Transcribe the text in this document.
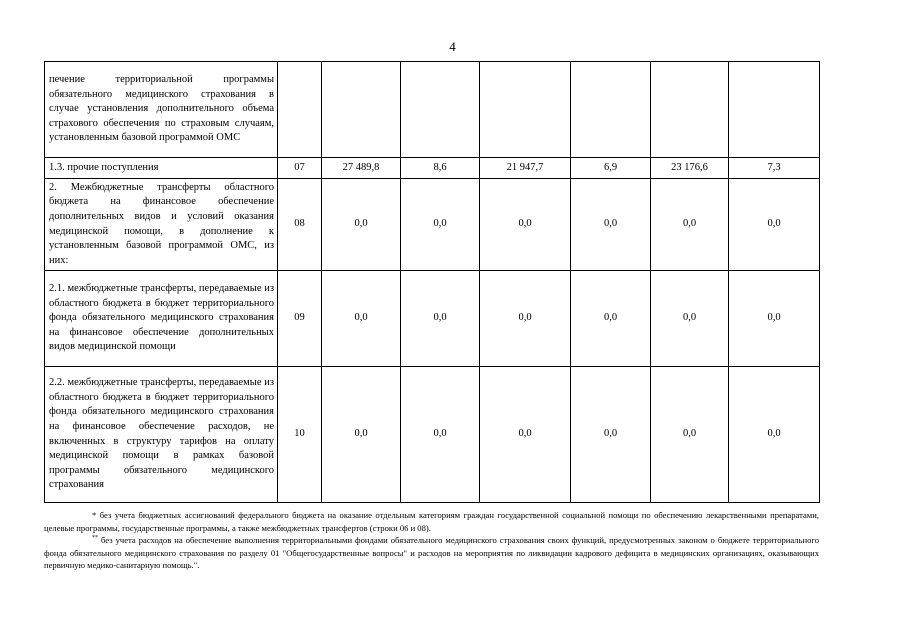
4
печение территориальной программы обязательного медицинского страхования в случае установления дополнительного объема страхового обеспечения по страховым случаям, установленным базовой программой ОМС							
1.3. прочие поступления	07	27 489,8	8,6	21 947,7	6,9	23 176,6	7,3
2. Межбюджетные трансферты областного бюджета на финансовое обеспечение дополнительных видов и условий оказания медицинской помощи, в дополнение к установленным базовой программой ОМС, из них:	08	0,0	0,0	0,0	0,0	0,0	0,0
2.1. межбюджетные трансферты, передаваемые из областного бюджета в бюджет территориального фонда обязательного медицинского страхования на финансовое обеспечение дополнительных видов медицинской помощи	09	0,0	0,0	0,0	0,0	0,0	0,0
2.2. межбюджетные трансферты, передаваемые из областного бюджета в бюджет территориального фонда обязательного медицинского страхования на финансовое обеспечение расходов, не включенных в структуру тарифов на оплату медицинской помощи в рамках базовой программы обязательного медицинского страхования	10	0,0	0,0	0,0	0,0	0,0	0,0

* без учета бюджетных ассигнований федерального бюджета на оказание отдельным категориям граждан государственной социальной помощи по обеспечению лекарственными препаратами, целевые программы, государственные программы, а также межбюджетных трансфертов (строки 06 и 08).

** без учета расходов на обеспечение выполнения территориальными фондами обязательного медицинского страхования своих функций, предусмотренных законом о бюджете территориального фонда обязательного медицинского страхования по разделу 01 "Общегосударственные вопросы" и расходов на мероприятия по ликвидации кадрового дефицита в медицинских организациях, оказывающих первичную медико-санитарную помощь.".
